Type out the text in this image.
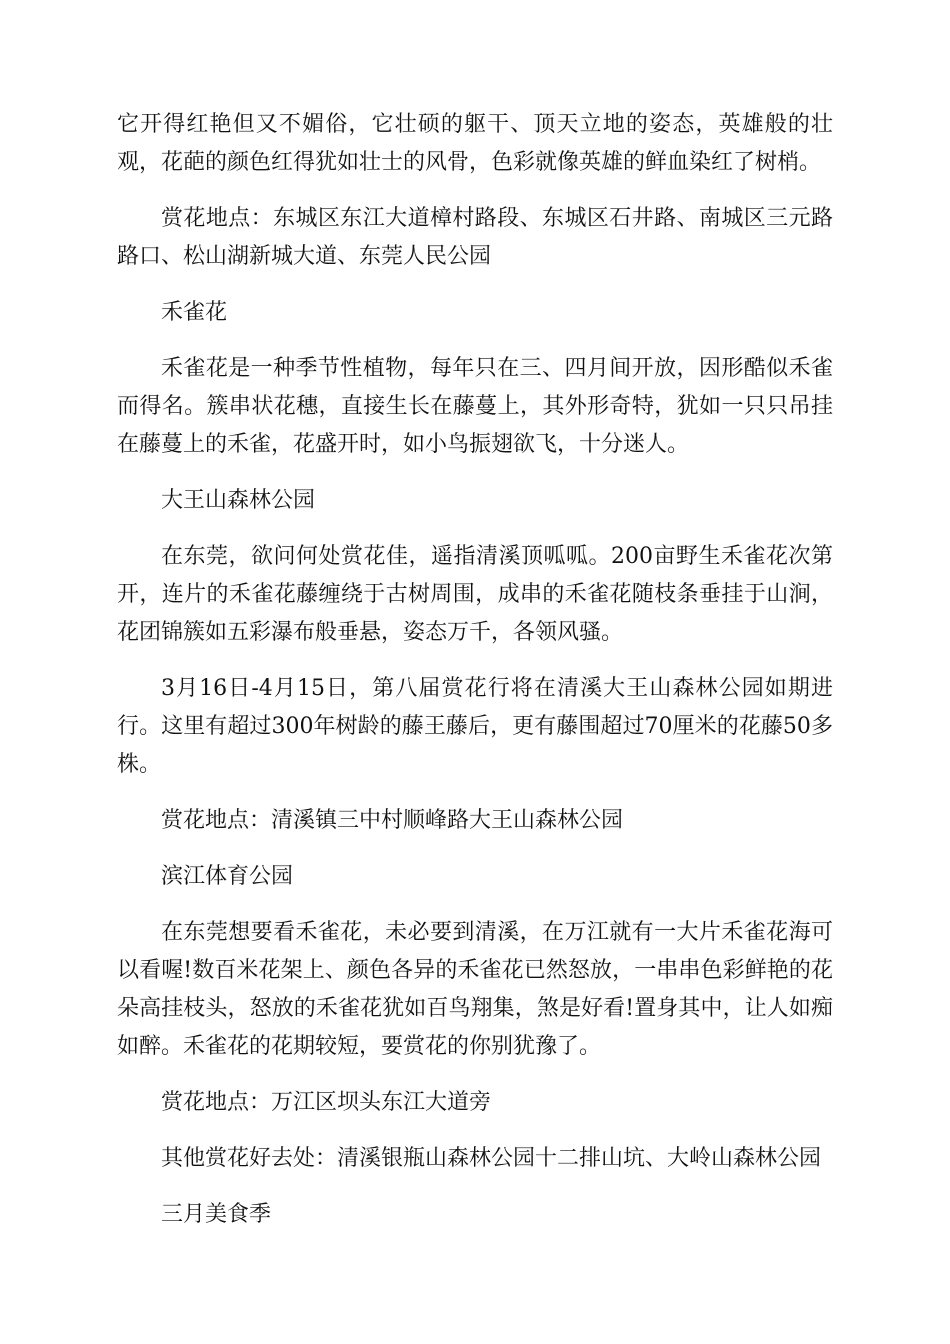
它开得红艳但又不媚俗，它壮硕的躯干、顶天立地的姿态，英雄般的壮观，花葩的颜色红得犹如壮士的风骨，色彩就像英雄的鲜血染红了树梢。

赏花地点：东城区东江大道樟村路段、东城区石井路、南城区三元路路口、松山湖新城大道、东莞人民公园

禾雀花

禾雀花是一种季节性植物，每年只在三、四月间开放，因形酷似禾雀而得名。簇串状花穗，直接生长在藤蔓上，其外形奇特，犹如一只只吊挂在藤蔓上的禾雀，花盛开时，如小鸟振翅欲飞，十分迷人。

大王山森林公园

在东莞，欲问何处赏花佳，遥指清溪顶呱呱。200亩野生禾雀花次第开，连片的禾雀花藤缠绕于古树周围，成串的禾雀花随枝条垂挂于山涧，花团锦簇如五彩瀑布般垂悬，姿态万千，各领风骚。

3月16日-4月15日，第八届赏花行将在清溪大王山森林公园如期进行。这里有超过300年树龄的藤王藤后，更有藤围超过70厘米的花藤50多株。

赏花地点：清溪镇三中村顺峰路大王山森林公园

滨江体育公园

在东莞想要看禾雀花，未必要到清溪，在万江就有一大片禾雀花海可以看喔!数百米花架上、颜色各异的禾雀花已然怒放，一串串色彩鲜艳的花朵高挂枝头，怒放的禾雀花犹如百鸟翔集，煞是好看!置身其中，让人如痴如醉。禾雀花的花期较短，要赏花的你别犹豫了。

赏花地点：万江区坝头东江大道旁

其他赏花好去处：清溪银瓶山森林公园十二排山坑、大岭山森林公园

三月美食季
